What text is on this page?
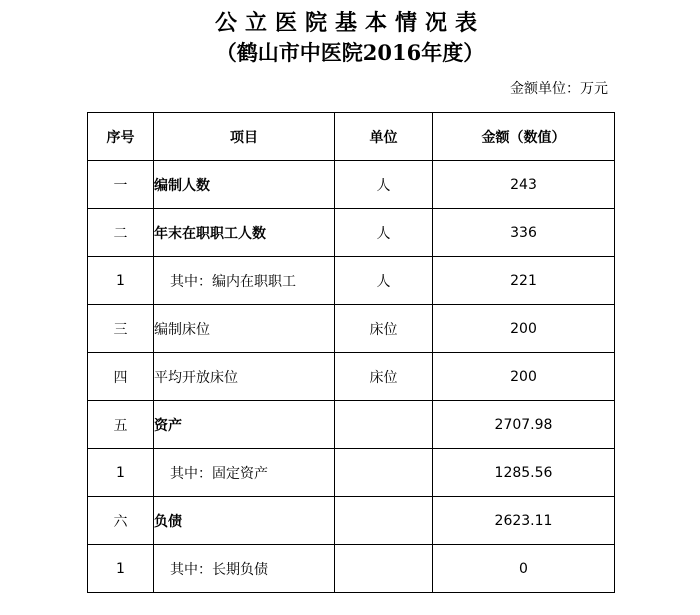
公立医院基本情况表
（鹤山市中医院2016年度）
金额单位：万元
序号	项目	单位	金额（数值）
一	编制人数	人	243
二	年末在职职工人数	人	336
1	其中：编内在职职工	人	221
三	编制床位	床位	200
四	平均开放床位	床位	200
五	资产		2707.98
1	其中：固定资产		1285.56
六	负债		2623.11
1	其中：长期负债		0
